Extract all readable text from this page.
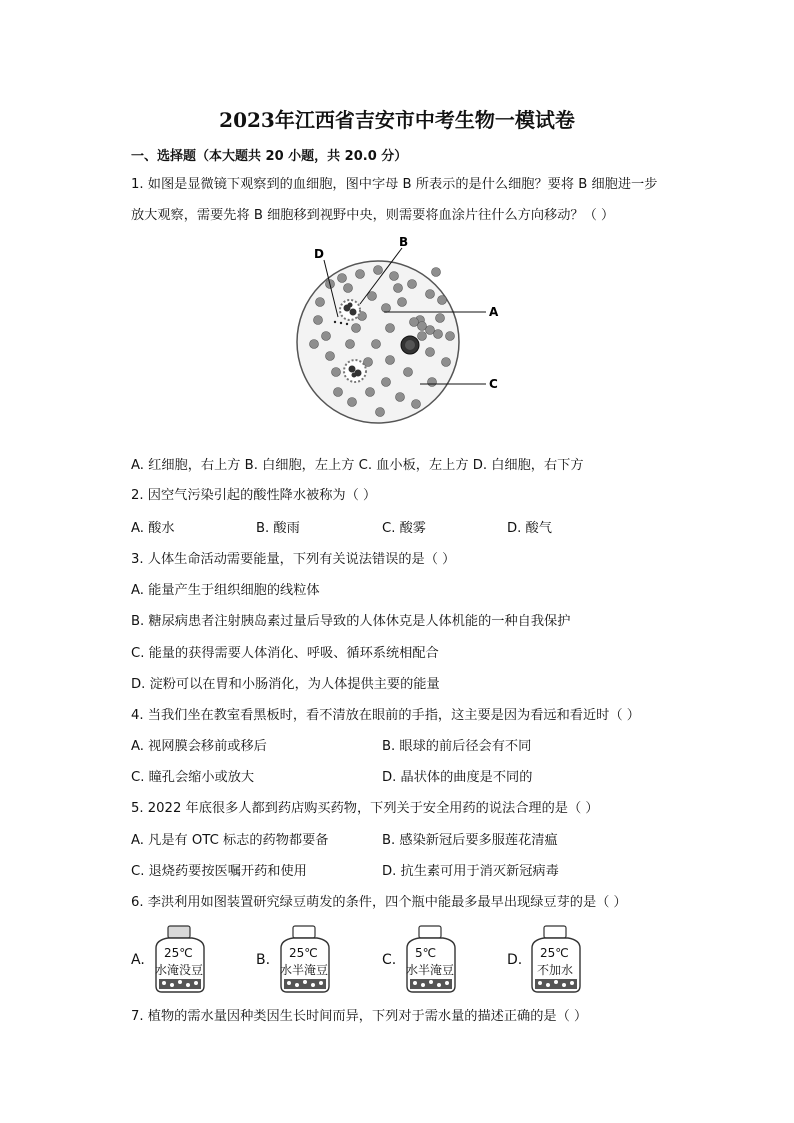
2023年江西省吉安市中考生物一模试卷
一、选择题（本大题共 20 小题，共 20.0 分）
1. 如图是显微镜下观察到的血细胞，图中字母 B 所表示的是什么细胞？要将 B 细胞进一步
放大观察，需要先将 B 细胞移到视野中央，则需要将血涂片往什么方向移动？（ ）
D
B
A
C
A. 红细胞，右上方 B. 白细胞，左上方 C. 血小板，左上方 D. 白细胞，右下方
2. 因空气污染引起的酸性降水被称为（ ）
A. 酸水	B. 酸雨	C. 酸雾	D. 酸气
3. 人体生命活动需要能量，下列有关说法错误的是（ ）
A. 能量产生于组织细胞的线粒体
B. 糖尿病患者注射胰岛素过量后导致的人体休克是人体机能的一种自我保护
C. 能量的获得需要人体消化、呼吸、循环系统相配合
D. 淀粉可以在胃和小肠消化，为人体提供主要的能量
4. 当我们坐在教室看黑板时，看不清放在眼前的手指，这主要是因为看远和看近时（ ）
A. 视网膜会移前或移后	B. 眼球的前后径会有不同
C. 瞳孔会缩小或放大	D. 晶状体的曲度是不同的
5. 2022 年底很多人都到药店购买药物，下列关于安全用药的说法合理的是（ ）
A. 凡是有 OTC 标志的药物都要备	B. 感染新冠后要多服莲花清瘟
C. 退烧药要按医嘱开药和使用	D. 抗生素可用于消灭新冠病毒
6. 李洪利用如图装置研究绿豆萌发的条件，四个瓶中能最多最早出现绿豆芽的是（ ）
A. 25℃
水淹没豆
B. 25℃
水半淹豆
C. 5℃
水半淹豆
D. 25℃
不加水
7. 植物的需水量因种类因生长时间而异，下列对于需水量的描述正确的是（ ）
